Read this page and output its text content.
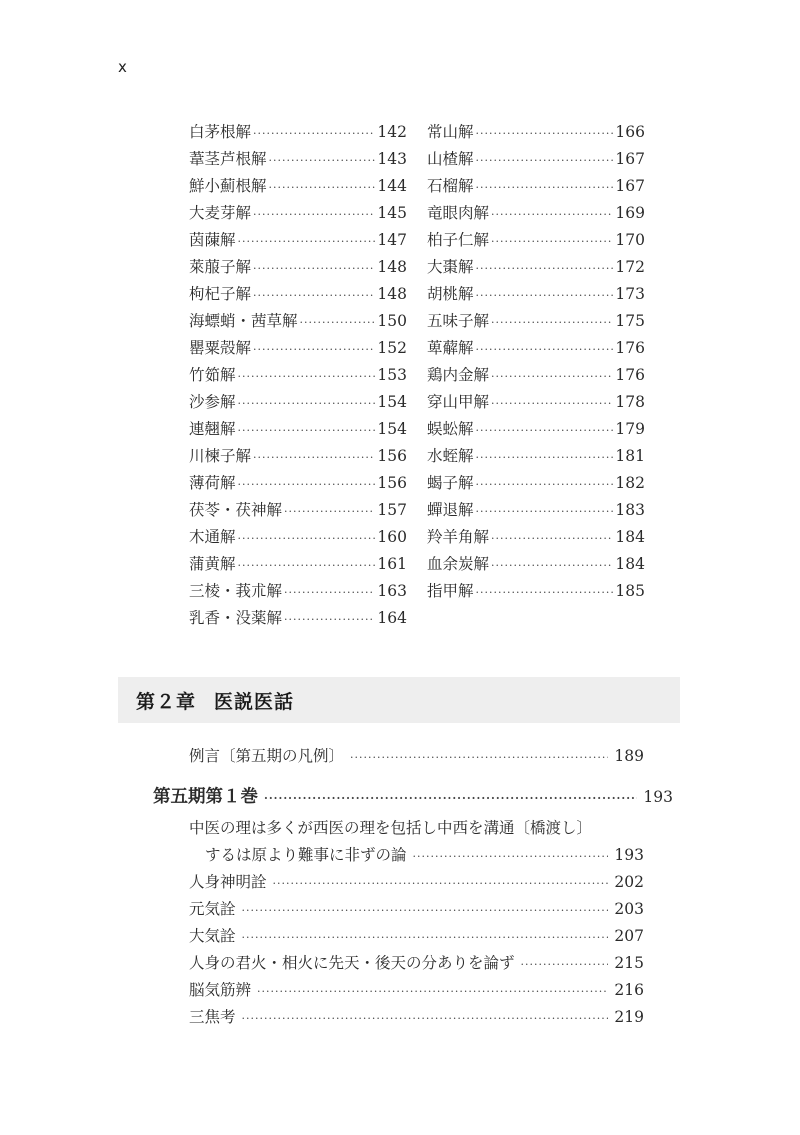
x
白茅根解 ·····	142
葦茎芦根解 ·····	143
鮮小薊根解 ·····	144
大麦芽解 ·····	145
茵蔯解 ·····	147
萊菔子解 ·····	148
枸杞子解 ·····	148
海螵蛸・茜草解 ·····	150
罌粟殻解 ·····	152
竹筎解 ·····	153
沙参解 ·····	154
連翹解 ·····	154
川楝子解 ·····	156
薄荷解 ·····	156
茯苓・茯神解 ·····	157
木通解 ·····	160
蒲黄解 ·····	161
三棱・莪朮解 ·····	163
乳香・没薬解 ·····	164
常山解 ·····	166
山楂解 ·····	167
石榴解 ·····	167
竜眼肉解 ·····	169
柏子仁解 ·····	170
大棗解 ·····	172
胡桃解 ·····	173
五味子解 ·····	175
萆薢解 ·····	176
鶏内金解 ·····	176
穿山甲解 ·····	178
蜈蚣解 ·····	179
水蛭解 ·····	181
蝎子解 ·····	182
蟬退解 ·····	183
羚羊角解 ·····	184
血余炭解 ·····	184
指甲解 ·····	185
第２章 医説医話
例言〔第五期の凡例〕 ·····	189
第五期第１巻 ·····	193
中医の理は多くが西医の理を包括し中西を溝通〔橋渡し〕
するは原より難事に非ずの論 ·····	193
人身神明詮 ·····	202
元気詮 ·····	203
大気詮 ·····	207
人身の君火・相火に先天・後天の分ありを論ず ·····	215
脳気筋辨 ·····	216
三焦考 ·····	219
